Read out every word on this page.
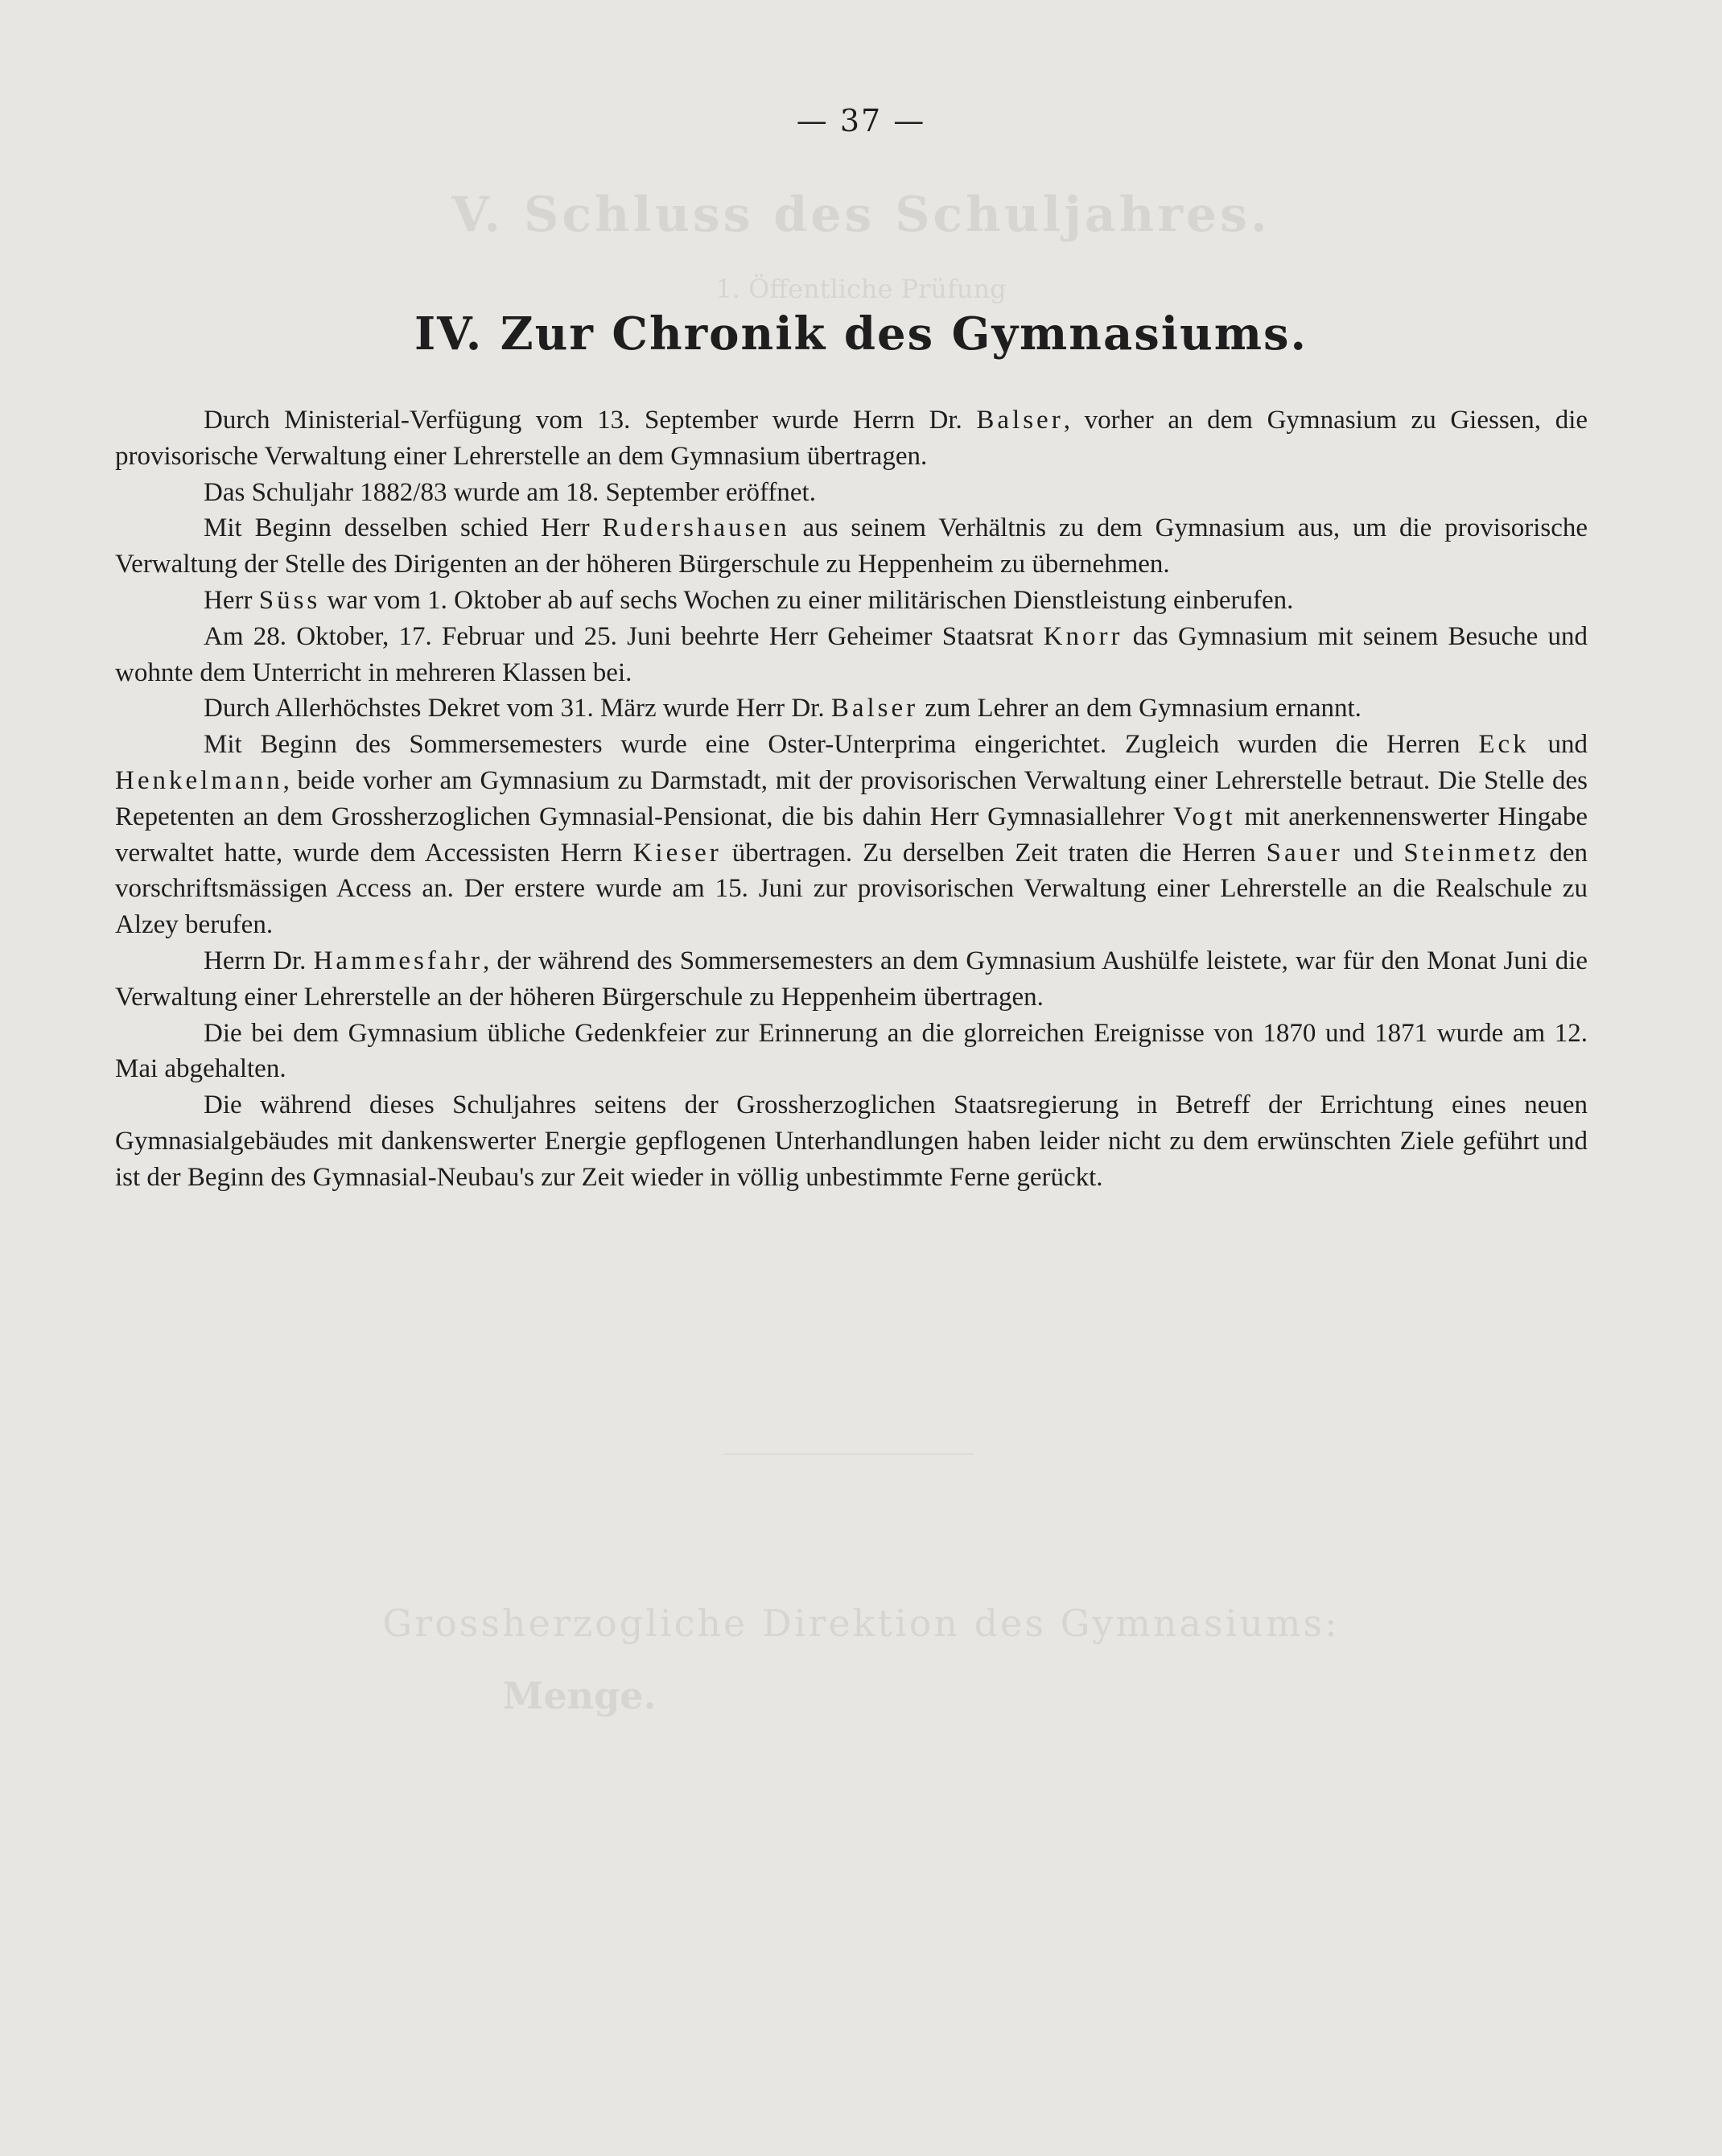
V. Schluss des Schuljahres.
1. Öffentliche Prüfung
Grossherzogliche Direktion des Gymnasiums:
Menge.
— 37 —
IV. Zur Chronik des Gymnasiums.

Durch Ministerial-Verfügung vom 13. September wurde Herrn Dr. Balser, vorher an dem Gymnasium zu Giessen, die provisorische Verwaltung einer Lehrerstelle an dem Gymnasium übertragen.

Das Schuljahr 1882/83 wurde am 18. September eröffnet.

Mit Beginn desselben schied Herr Rudershausen aus seinem Verhältnis zu dem Gymnasium aus, um die provisorische Verwaltung der Stelle des Dirigenten an der höheren Bürgerschule zu Heppenheim zu übernehmen.

Herr Süss war vom 1. Oktober ab auf sechs Wochen zu einer militärischen Dienstleistung einberufen.

Am 28. Oktober, 17. Februar und 25. Juni beehrte Herr Geheimer Staatsrat Knorr das Gymnasium mit seinem Besuche und wohnte dem Unterricht in mehreren Klassen bei.

Durch Allerhöchstes Dekret vom 31. März wurde Herr Dr. Balser zum Lehrer an dem Gymnasium ernannt.

Mit Beginn des Sommersemesters wurde eine Oster-Unterprima eingerichtet. Zugleich wurden die Herren Eck und Henkelmann, beide vorher am Gymnasium zu Darmstadt, mit der provisorischen Verwaltung einer Lehrerstelle betraut. Die Stelle des Repetenten an dem Grossherzoglichen Gymnasial-Pensionat, die bis dahin Herr Gymnasiallehrer Vogt mit anerkennenswerter Hingabe verwaltet hatte, wurde dem Accessisten Herrn Kieser übertragen. Zu derselben Zeit traten die Herren Sauer und Steinmetz den vorschriftsmässigen Access an. Der erstere wurde am 15. Juni zur provisorischen Verwaltung einer Lehrerstelle an die Realschule zu Alzey berufen.

Herrn Dr. Hammesfahr, der während des Sommersemesters an dem Gymnasium Aushülfe leistete, war für den Monat Juni die Verwaltung einer Lehrerstelle an der höheren Bürgerschule zu Heppenheim übertragen.

Die bei dem Gymnasium übliche Gedenkfeier zur Erinnerung an die glorreichen Ereignisse von 1870 und 1871 wurde am 12. Mai abgehalten.

Die während dieses Schuljahres seitens der Grossherzoglichen Staatsregierung in Betreff der Errichtung eines neuen Gymnasialgebäudes mit dankenswerter Energie gepflogenen Unterhandlungen haben leider nicht zu dem erwünschten Ziele geführt und ist der Beginn des Gymnasial-Neubau's zur Zeit wieder in völlig unbestimmte Ferne gerückt.
